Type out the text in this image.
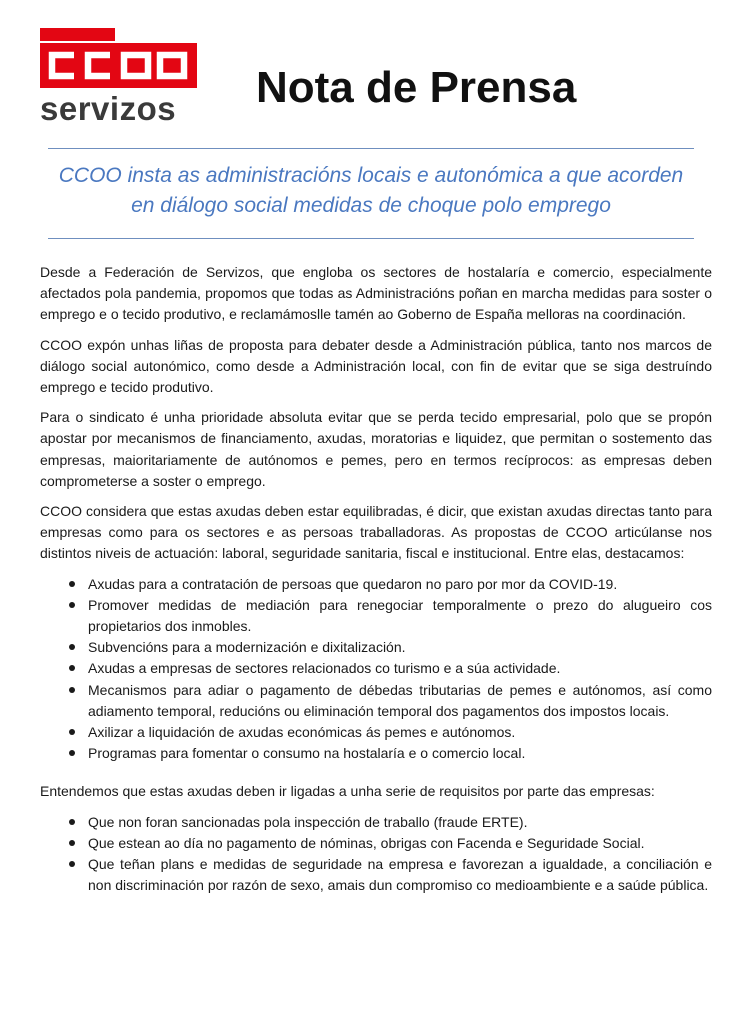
servizos Nota de Prensa
CCOO insta as administracións locais e autonómica a que acorden en diálogo social medidas de choque polo emprego

Desde a Federación de Servizos, que engloba os sectores de hostalaría e comercio, especialmente afectados pola pandemia, propomos que todas as Administracións poñan en marcha medidas para soster o emprego e o tecido produtivo, e reclamámoslle tamén ao Goberno de España melloras na coordinación.

CCOO expón unhas liñas de proposta para debater desde a Administración pública, tanto nos marcos de diálogo social autonómico, como desde a Administración local, con fin de evitar que se siga destruíndo emprego e tecido produtivo.

Para o sindicato é unha prioridade absoluta evitar que se perda tecido empresarial, polo que se propón apostar por mecanismos de financiamento, axudas, moratorias e liquidez, que permitan o sostemento das empresas, maioritariamente de autónomos e pemes, pero en termos recíprocos: as empresas deben comprometerse a soster o emprego.

CCOO considera que estas axudas deben estar equilibradas, é dicir, que existan axudas directas tanto para empresas como para os sectores e as persoas traballadoras. As propostas de CCOO articúlanse nos distintos niveis de actuación: laboral, seguridade sanitaria, fiscal e institucional. Entre elas, destacamos:

Axudas para a contratación de persoas que quedaron no paro por mor da COVID-19.
Promover medidas de mediación para renegociar temporalmente o prezo do alugueiro cos propietarios dos inmobles.
Subvencións para a modernización e dixitalización.
Axudas a empresas de sectores relacionados co turismo e a súa actividade.
Mecanismos para adiar o pagamento de débedas tributarias de pemes e autónomos, así como adiamento temporal, reducións ou eliminación temporal dos pagamentos dos impostos locais.
Axilizar a liquidación de axudas económicas ás pemes e autónomos.
Programas para fomentar o consumo na hostalaría e o comercio local.

Entendemos que estas axudas deben ir ligadas a unha serie de requisitos por parte das empresas:

Que non foran sancionadas pola inspección de traballo (fraude ERTE).
Que estean ao día no pagamento de nóminas, obrigas con Facenda e Seguridade Social.
Que teñan plans e medidas de seguridade na empresa e favorezan a igualdade, a conciliación e non discriminación por razón de sexo, amais dun compromiso co medioambiente e a saúde pública.
